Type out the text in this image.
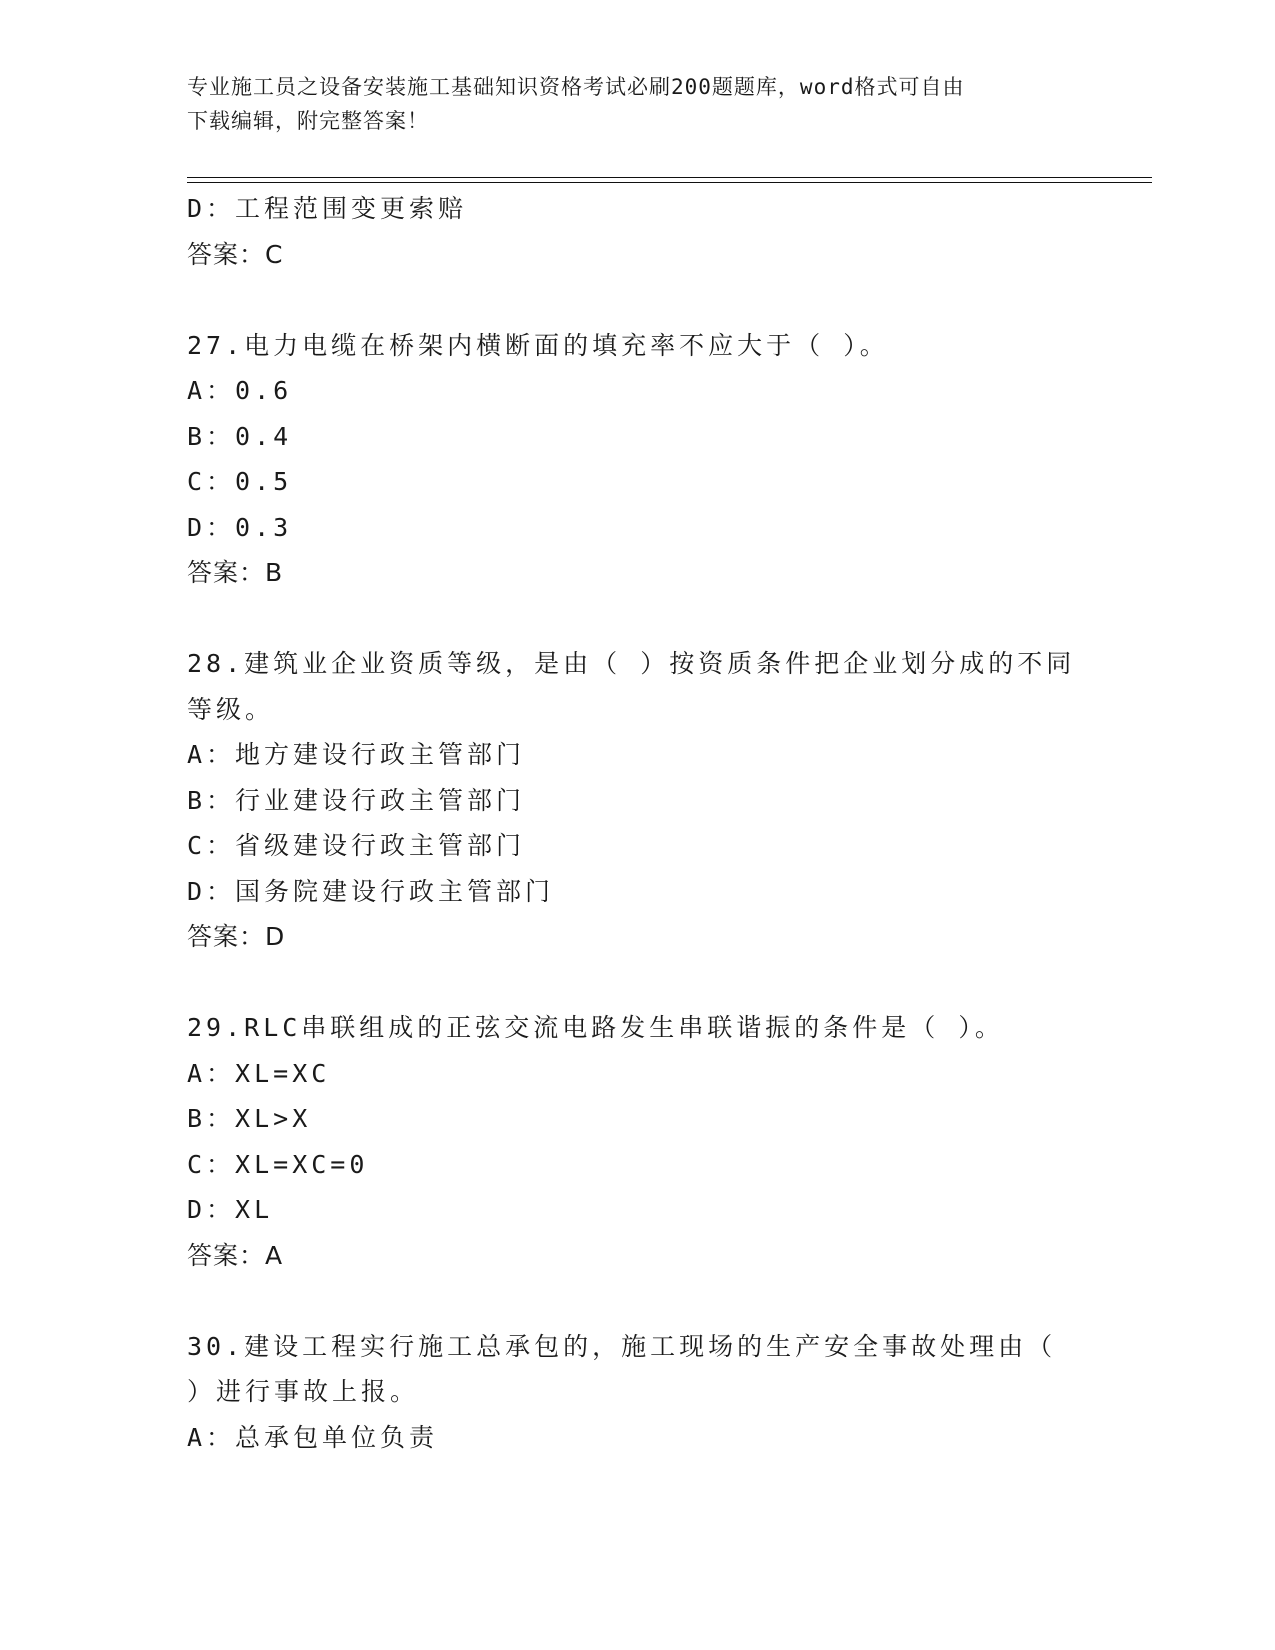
专业施工员之设备安装施工基础知识资格考试必刷200题题库，word格式可自由
下载编辑，附完整答案！
D：工程范围变更索赔
答案：C
27.电力电缆在桥架内横断面的填充率不应大于（ ）。
A：0.6
B：0.4
C：0.5
D：0.3
答案：B
28.建筑业企业资质等级，是由（ ）按资质条件把企业划分成的不同
等级。
A：地方建设行政主管部门
B：行业建设行政主管部门
C：省级建设行政主管部门
D：国务院建设行政主管部门
答案：D
29.RLC串联组成的正弦交流电路发生串联谐振的条件是（ ）。
A：XL=XC
B：XL>X
C：XL=XC=0
D：XL
答案：A
30.建设工程实行施工总承包的，施工现场的生产安全事故处理由（
）进行事故上报。
A：总承包单位负责
